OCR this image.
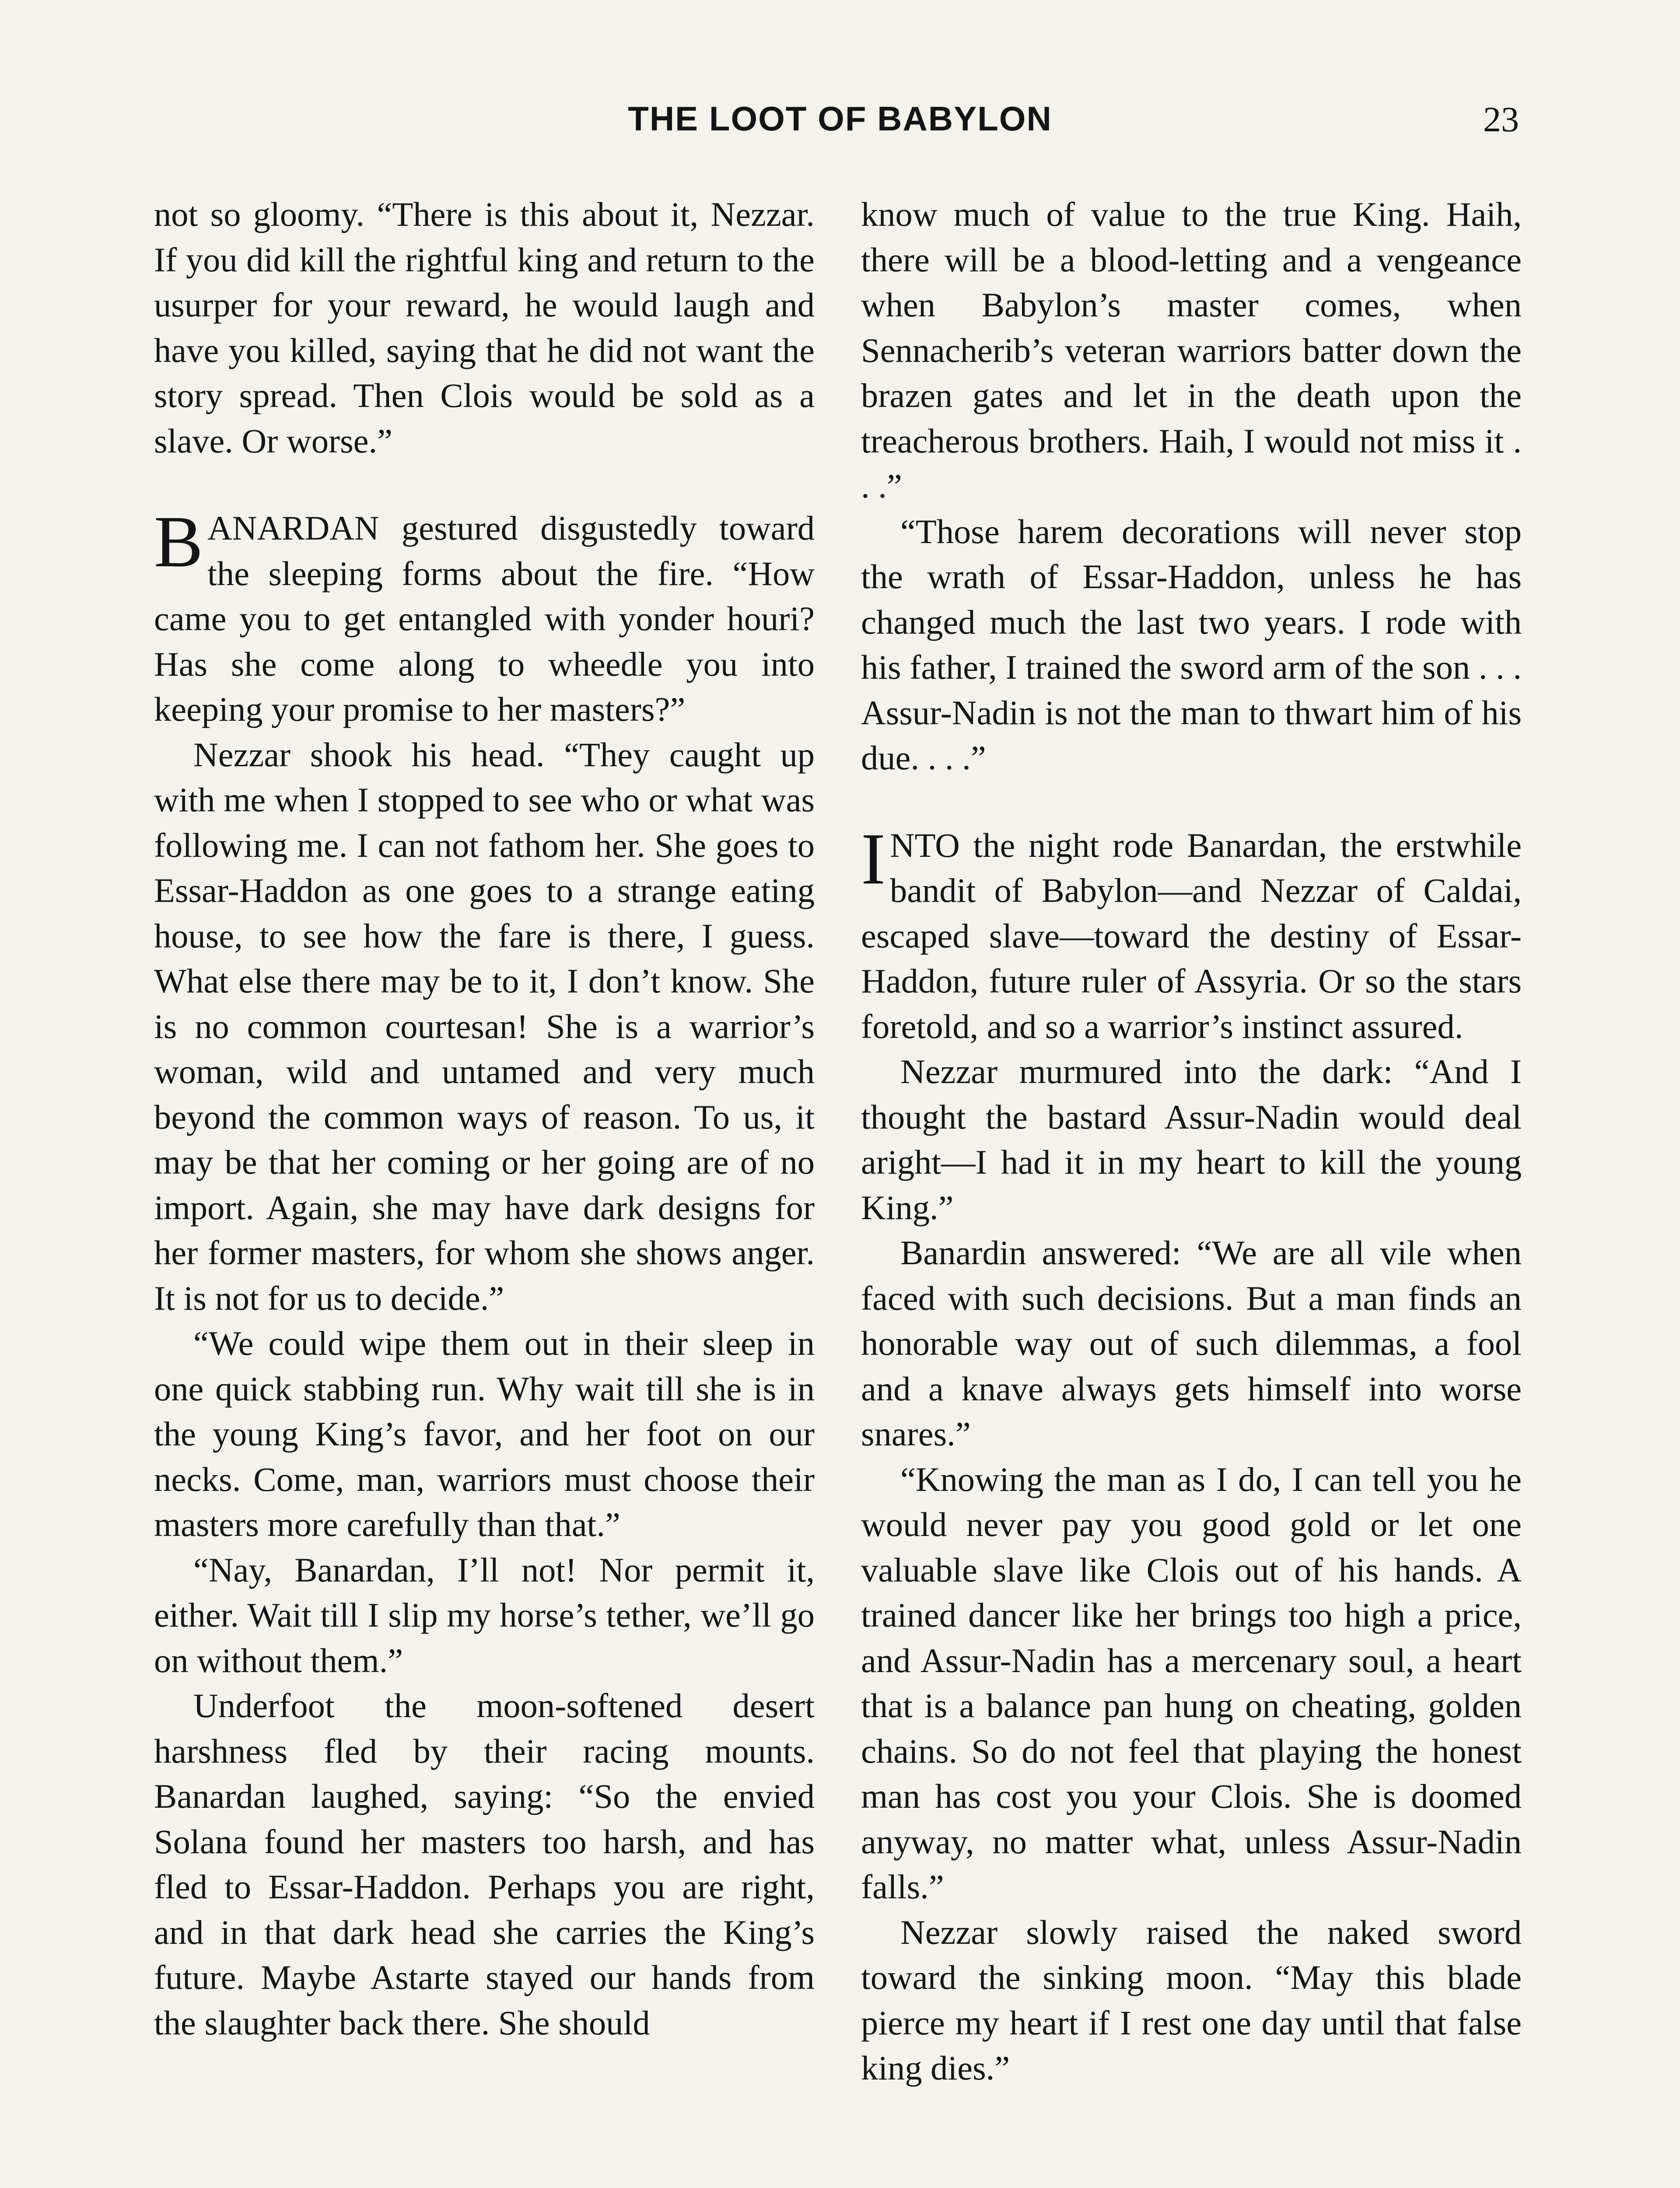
THE LOOT OF BABYLON	23

not so gloomy. “There is this about it, Nezzar. If you did kill the rightful king and return to the usurper for your reward, he would laugh and have you killed, saying that he did not want the story spread. Then Clois would be sold as a slave. Or worse.”

BANARDAN gestured disgustedly toward the sleeping forms about the fire. “How came you to get entangled with yonder houri? Has she come along to wheedle you into keeping your promise to her masters?”

Nezzar shook his head. “They caught up with me when I stopped to see who or what was following me. I can not fathom her. She goes to Essar-Haddon as one goes to a strange eating house, to see how the fare is there, I guess. What else there may be to it, I don’t know. She is no common courtesan! She is a warrior’s woman, wild and untamed and very much beyond the common ways of reason. To us, it may be that her coming or her going are of no import. Again, she may have dark designs for her former masters, for whom she shows anger. It is not for us to decide.”

“We could wipe them out in their sleep in one quick stabbing run. Why wait till she is in the young King’s favor, and her foot on our necks. Come, man, warriors must choose their masters more carefully than that.”

“Nay, Banardan, I’ll not! Nor permit it, either. Wait till I slip my horse’s tether, we’ll go on without them.”

Underfoot the moon-softened desert harshness fled by their racing mounts. Banardan laughed, saying: “So the envied Solana found her masters too harsh, and has fled to Essar-Haddon. Perhaps you are right, and in that dark head she carries the King’s future. Maybe Astarte stayed our hands from the slaughter back there. She should

know much of value to the true King. Haih, there will be a blood-letting and a vengeance when Babylon’s master comes, when Sennacherib’s veteran warriors batter down the brazen gates and let in the death upon the treacherous brothers. Haih, I would not miss it . . .”

“Those harem decorations will never stop the wrath of Essar-Haddon, unless he has changed much the last two years. I rode with his father, I trained the sword arm of the son . . . Assur-Nadin is not the man to thwart him of his due. . . .”

INTO the night rode Banardan, the erstwhile bandit of Babylon—and Nezzar of Caldai, escaped slave—toward the destiny of Essar-Haddon, future ruler of Assyria. Or so the stars foretold, and so a warrior’s instinct assured.

Nezzar murmured into the dark: “And I thought the bastard Assur-Nadin would deal aright—I had it in my heart to kill the young King.”

Banardin answered: “We are all vile when faced with such decisions. But a man finds an honorable way out of such dilemmas, a fool and a knave always gets himself into worse snares.”

“Knowing the man as I do, I can tell you he would never pay you good gold or let one valuable slave like Clois out of his hands. A trained dancer like her brings too high a price, and Assur-Nadin has a mercenary soul, a heart that is a balance pan hung on cheating, golden chains. So do not feel that playing the honest man has cost you your Clois. She is doomed anyway, no matter what, unless Assur-Nadin falls.”

Nezzar slowly raised the naked sword toward the sinking moon. “May this blade pierce my heart if I rest one day until that false king dies.”
